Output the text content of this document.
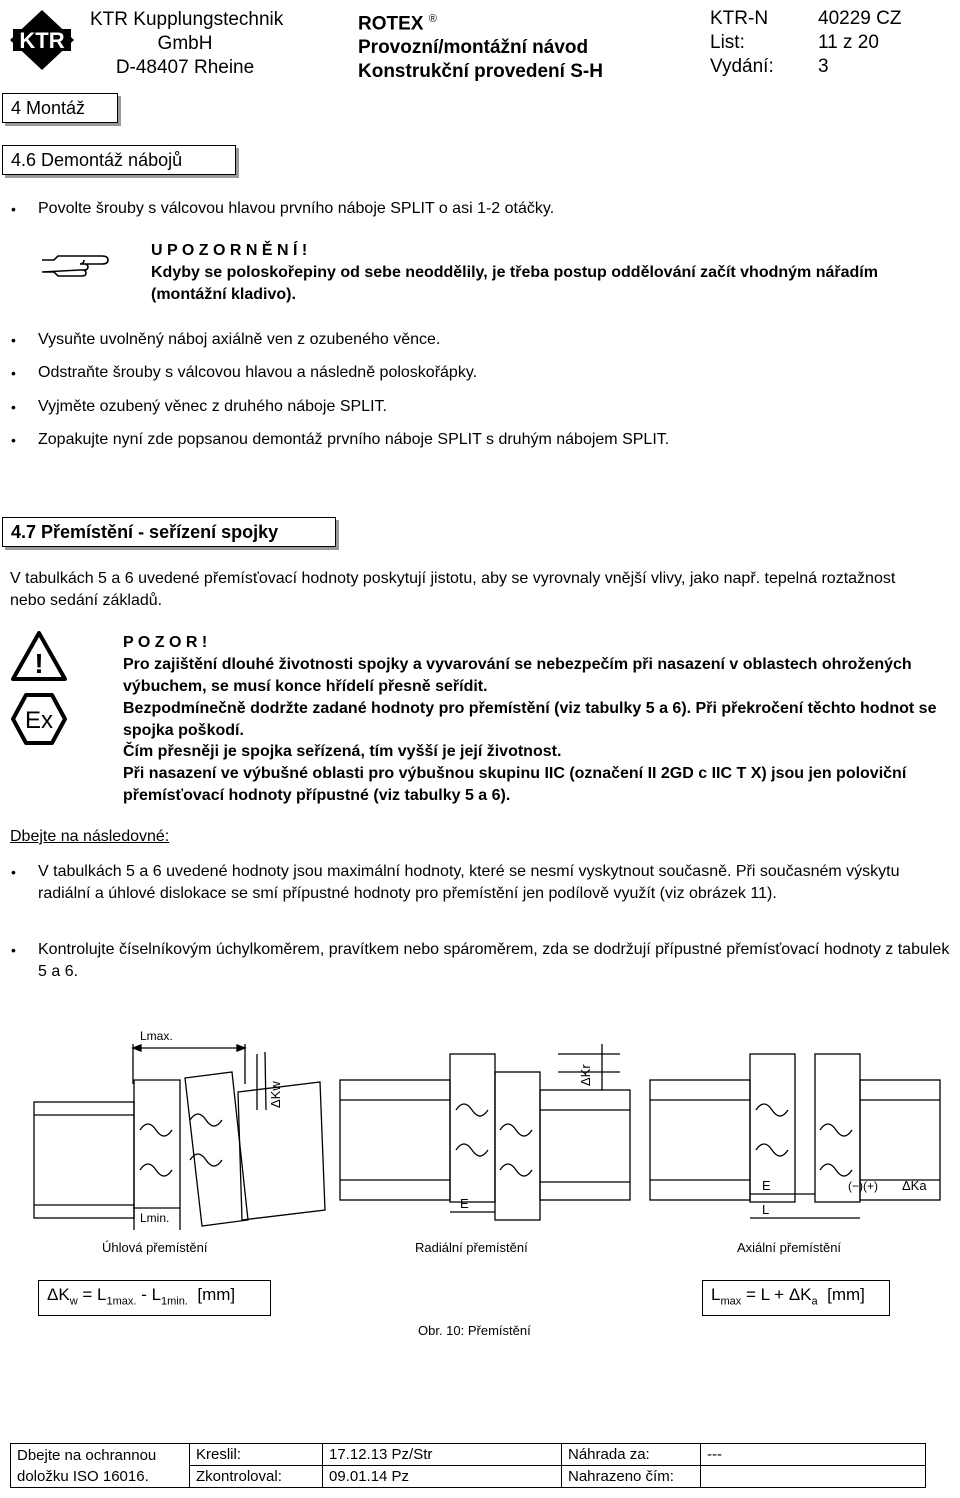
KTR
KTR Kupplungstechnik
GmbH
D-48407 Rheine
ROTEX ®
Provozní/montážní návod
Konstrukční provedení S-H
KTR-N	40229 CZ
List:	11 z 20
Vydání: 3
4 Montáž
4.6 Demontáž nábojů
• Povolte šrouby s válcovou hlavou prvního náboje SPLIT o asi 1-2 otáčky.
U P O Z O R N Ě N Í !
Kdyby se poloskořepiny od sebe neoddělily, je třeba postup oddělování začít vhodným nářadím (montážní kladivo).
• Vysuňte uvolněný náboj axiálně ven z ozubeného věnce.
• Odstraňte šrouby s válcovou hlavou a následně poloskořápky.
• Vyjměte ozubený věnec z druhého náboje SPLIT.
• Zopakujte nyní zde popsanou demontáž prvního náboje SPLIT s druhým nábojem SPLIT.
4.7 Přemístění - seřízení spojky
V tabulkách 5 a 6 uvedené přemísťovací hodnoty poskytují jistotu, aby se vyrovnaly vnější vlivy, jako např. tepelná roztažnost nebo sedání základů.
!
Ex
P O Z O R !
Pro zajištění dlouhé životnosti spojky a vyvarování se nebezpečím při nasazení v oblastech ohrožených výbuchem, se musí konce hřídelí přesně seřídit.
Bezpodmínečně dodržte zadané hodnoty pro přemístění (viz tabulky 5 a 6). Při překročení těchto hodnot se spojka poškodí.
Čím přesněji je spojka seřízená, tím vyšší je její životnost.
Při nasazení ve výbušné oblasti pro výbušnou skupinu IIC (označení II 2GD c IIC T X) jsou jen poloviční přemísťovací hodnoty přípustné (viz tabulky 5 a 6).
Dbejte na následovné:
• V tabulkách 5 a 6 uvedené hodnoty jsou maximální hodnoty, které se nesmí vyskytnout současně. Při současném výskytu radiální a úhlové dislokace se smí přípustné hodnoty pro přemístění jen podílově využít (viz obrázek 11).
• Kontrolujte číselníkovým úchylkoměrem, pravítkem nebo spároměrem, zda se dodržují přípustné přemísťovací hodnoty z tabulek 5 a 6.
Lmax.
ΔKw
Lmin.
ΔKr
E
E
L
(−)(+) ΔKa
Úhlová přemístění	Radiální přemístění	Axiální přemístění
$\Delta K_w = L_{1max.} - L_{1min.}$  [mm]	$L_{max} = L + \Delta K_a$  [mm]
Obr. 10: Přemístění
Dbejte na ochrannou
doložku ISO 16016.	Kreslil:	17.12.13 Pz/Str	Náhrada za:	---
	Zkontroloval:	09.01.14 Pz	Nahrazeno čím:	
